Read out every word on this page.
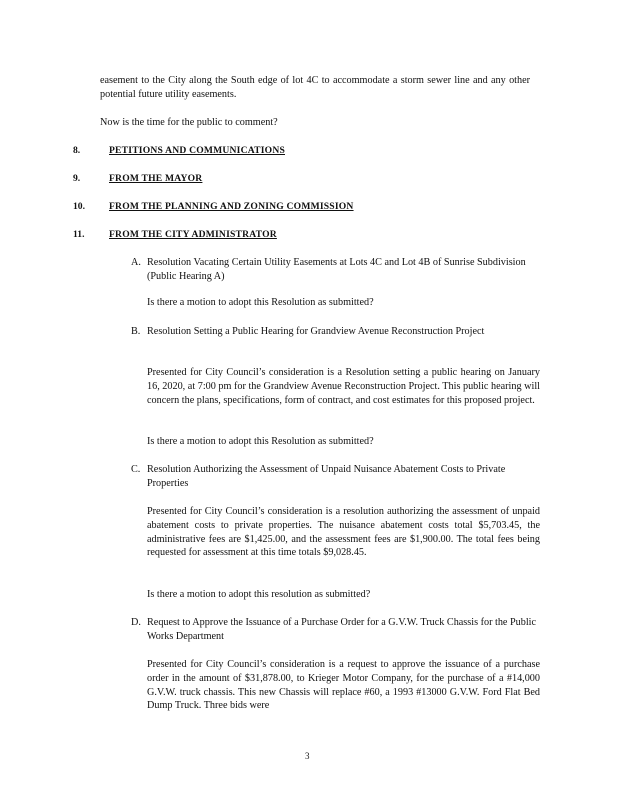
easement to the City along the South edge of lot 4C to accommodate a storm sewer line and any other potential future utility easements.

Now is the time for the public to comment?

8.	PETITIONS AND COMMUNICATIONS
9.	FROM THE MAYOR
10.	FROM THE PLANNING AND ZONING COMMISSION
11.	FROM THE CITY ADMINISTRATOR
A. Resolution Vacating Certain Utility Easements at Lots 4C and Lot 4B of Sunrise Subdivision (Public Hearing A)

Is there a motion to adopt this Resolution as submitted?

B. Resolution Setting a Public Hearing for Grandview Avenue Reconstruction Project

Presented for City Council’s consideration is a Resolution setting a public hearing on January 16, 2020, at 7:00 pm for the Grandview Avenue Reconstruction Project. This public hearing will concern the plans, specifications, form of contract, and cost estimates for this proposed project.

Is there a motion to adopt this Resolution as submitted?

C. Resolution Authorizing the Assessment of Unpaid Nuisance Abatement Costs to Private Properties

Presented for City Council’s consideration is a resolution authorizing the assessment of unpaid abatement costs to private properties. The nuisance abatement costs total $5,703.45, the administrative fees are $1,425.00, and the assessment fees are $1,900.00. The total fees being requested for assessment at this time totals $9,028.45.

Is there a motion to adopt this resolution as submitted?

D. Request to Approve the Issuance of a Purchase Order for a G.V.W. Truck Chassis for the Public Works Department

Presented for City Council’s consideration is a request to approve the issuance of a purchase order in the amount of $31,878.00, to Krieger Motor Company, for the purchase of a #14,000 G.V.W. truck chassis. This new Chassis will replace #60, a 1993 #13000 G.V.W. Ford Flat Bed Dump Truck. Three bids were

3
